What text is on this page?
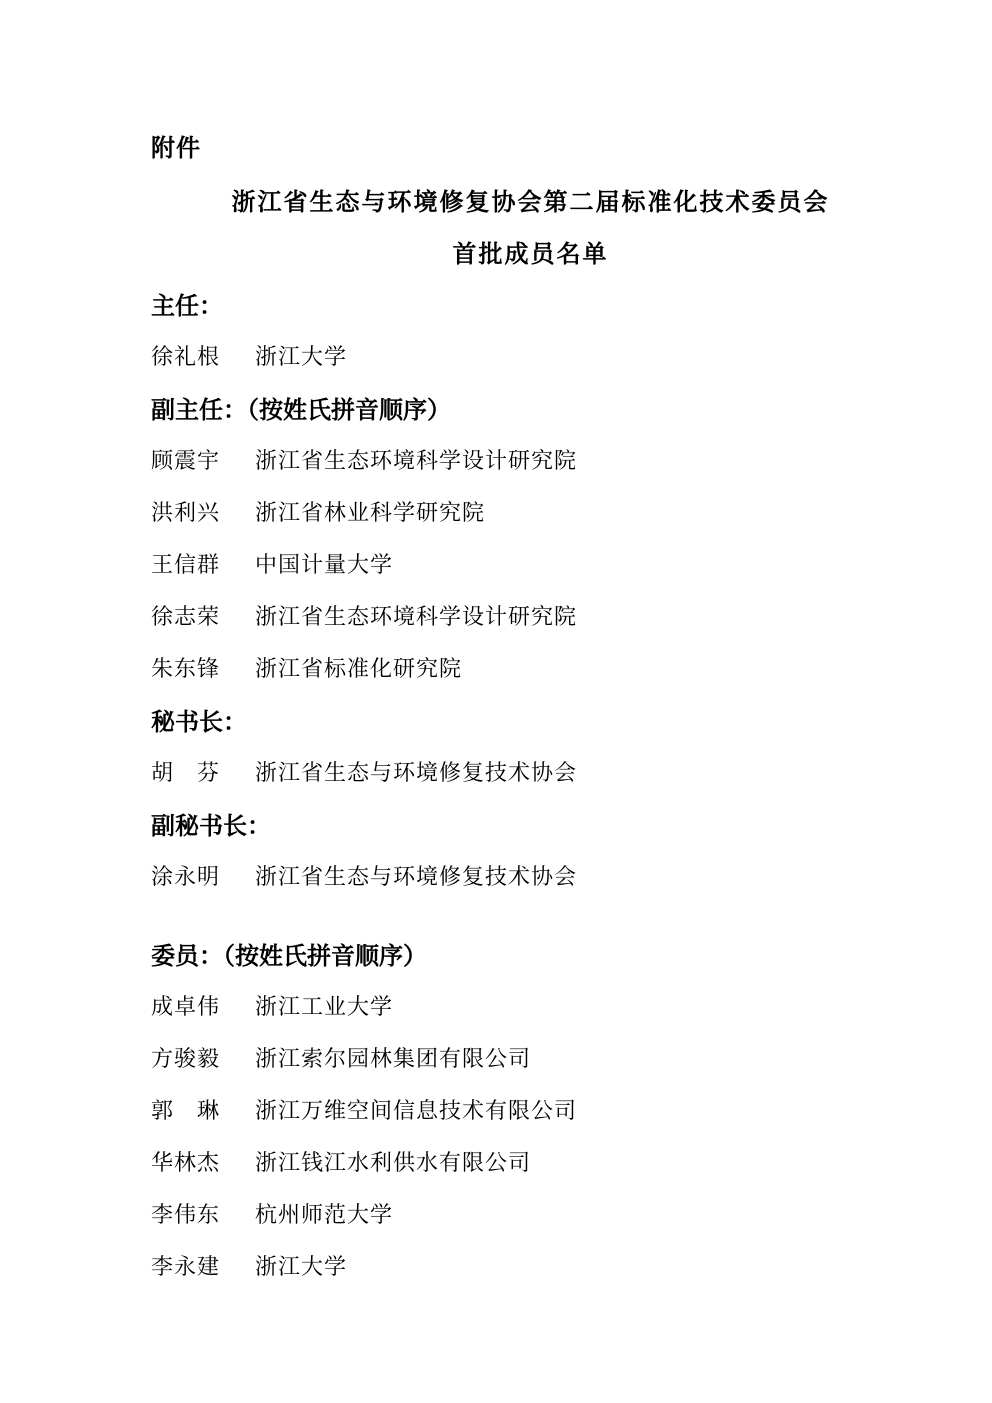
附件
浙江省生态与环境修复协会第二届标准化技术委员会
首批成员名单
主任：
徐礼根 浙江大学
副主任：（按姓氏拼音顺序）
顾震宇 浙江省生态环境科学设计研究院
洪利兴 浙江省林业科学研究院
王信群 中国计量大学
徐志荣 浙江省生态环境科学设计研究院
朱东锋 浙江省标准化研究院
秘书长：
胡　芬 浙江省生态与环境修复技术协会
副秘书长：
涂永明 浙江省生态与环境修复技术协会
委员：（按姓氏拼音顺序）
成卓伟 浙江工业大学
方骏毅 浙江索尔园林集团有限公司
郭　琳 浙江万维空间信息技术有限公司
华林杰 浙江钱江水利供水有限公司
李伟东 杭州师范大学
李永建 浙江大学
